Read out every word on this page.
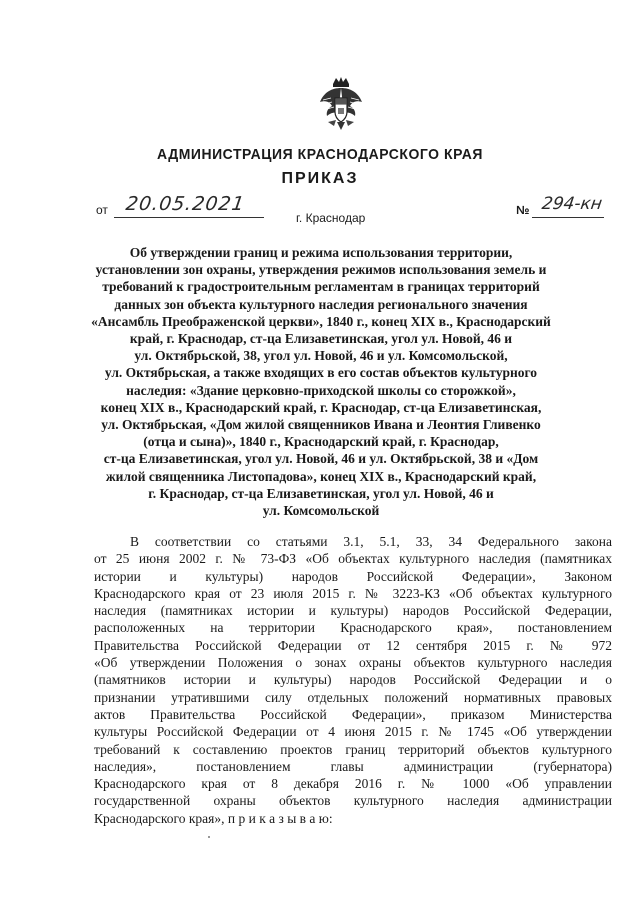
АДМИНИСТРАЦИЯ КРАСНОДАРСКОГО КРАЯ
ПРИКАЗ
от 20.05.2021
г. Краснодар
№ 294-кн

Об утверждении границ и режима использования территории,
установлении зон охраны, утверждения режимов использования земель и
требований к градостроительным регламентам в границах территорий
данных зон объекта культурного наследия регионального значения
«Ансамбль Преображенской церкви», 1840 г., конец XIX в., Краснодарский
край, г. Краснодар, ст-ца Елизаветинская, угол ул. Новой, 46 и
ул. Октябрьской, 38, угол ул. Новой, 46 и ул. Комсомольской,
ул. Октябрьская, а также входящих в его состав объектов культурного
наследия: «Здание церковно-приходской школы со сторожкой»,
конец XIX в., Краснодарский край, г. Краснодар, ст-ца Елизаветинская,
ул. Октябрьская, «Дом жилой священников Ивана и Леонтия Гливенко
(отца и сына)», 1840 г., Краснодарский край, г. Краснодар,
ст-ца Елизаветинская, угол ул. Новой, 46 и ул. Октябрьской, 38 и «Дом
жилой священника Листопадова», конец XIX в., Краснодарский край,
г. Краснодар, ст-ца Елизаветинская, угол ул. Новой, 46 и
ул. Комсомольской

В соответствии со статьями 3.1, 5.1, 33, 34 Федерального закона
от 25 июня 2002 г. № 73-ФЗ «Об объектах культурного наследия (памятниках
истории и культуры) народов Российской Федерации», Законом
Краснодарского края от 23 июля 2015 г. № 3223-КЗ «Об объектах культурного
наследия (памятниках истории и культуры) народов Российской Федерации,
расположенных на территории Краснодарского края», постановлением
Правительства Российской Федерации от 12 сентября 2015 г. № 972
«Об утверждении Положения о зонах охраны объектов культурного наследия
(памятников истории и культуры) народов Российской Федерации и о
признании утратившими силу отдельных положений нормативных правовых
актов Правительства Российской Федерации», приказом Министерства
культуры Российской Федерации от 4 июня 2015 г. № 1745 «Об утверждении
требований к составлению проектов границ территорий объектов культурного
наследия», постановлением главы администрации (губернатора)
Краснодарского края от 8 декабря 2016 г. № 1000 «Об управлении
государственной охраны объектов культурного наследия администрации
Краснодарского края», п р и к а з ы в а ю:
